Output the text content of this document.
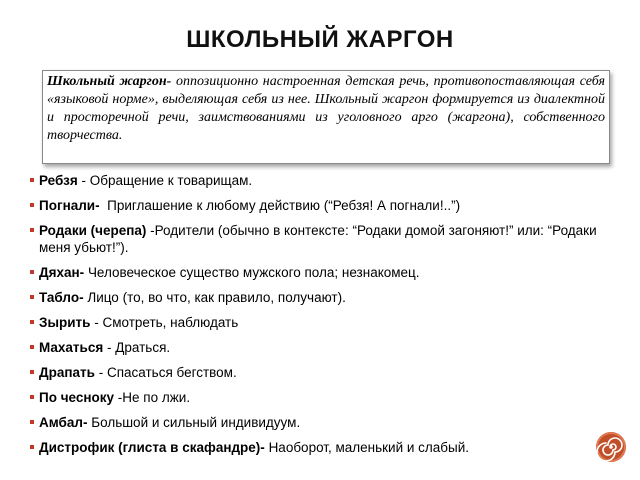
ШКОЛЬНЫЙ ЖАРГОН
Школьный жаргон- оппозиционно настроенная детская речь, противопоставляющая себя «языковой норме», выделяющая себя из нее. Школьный жаргон формируется из диалектной и просторечной речи, заимствованиями из уголовного арго (жаргона), собственного творчества.
Ребзя - Обращение к товарищам.
Погнали- Приглашение к любому действию (“Ребзя! А погнали!..”)
Родаки (черепа) -Родители (обычно в контексте: “Родаки домой загоняют!” или: “Родаки меня убьют!”).
Дяхан- Человеческое существо мужского пола; незнакомец.
Табло- Лицо (то, во что, как правило, получают).
Зырить - Смотреть, наблюдать
Махаться - Драться.
Драпать - Спасаться бегством.
По чесноку -Не по лжи.
Амбал- Большой и сильный индивидуум.
Дистрофик (глиста в скафандре)- Наоборот, маленький и слабый.
